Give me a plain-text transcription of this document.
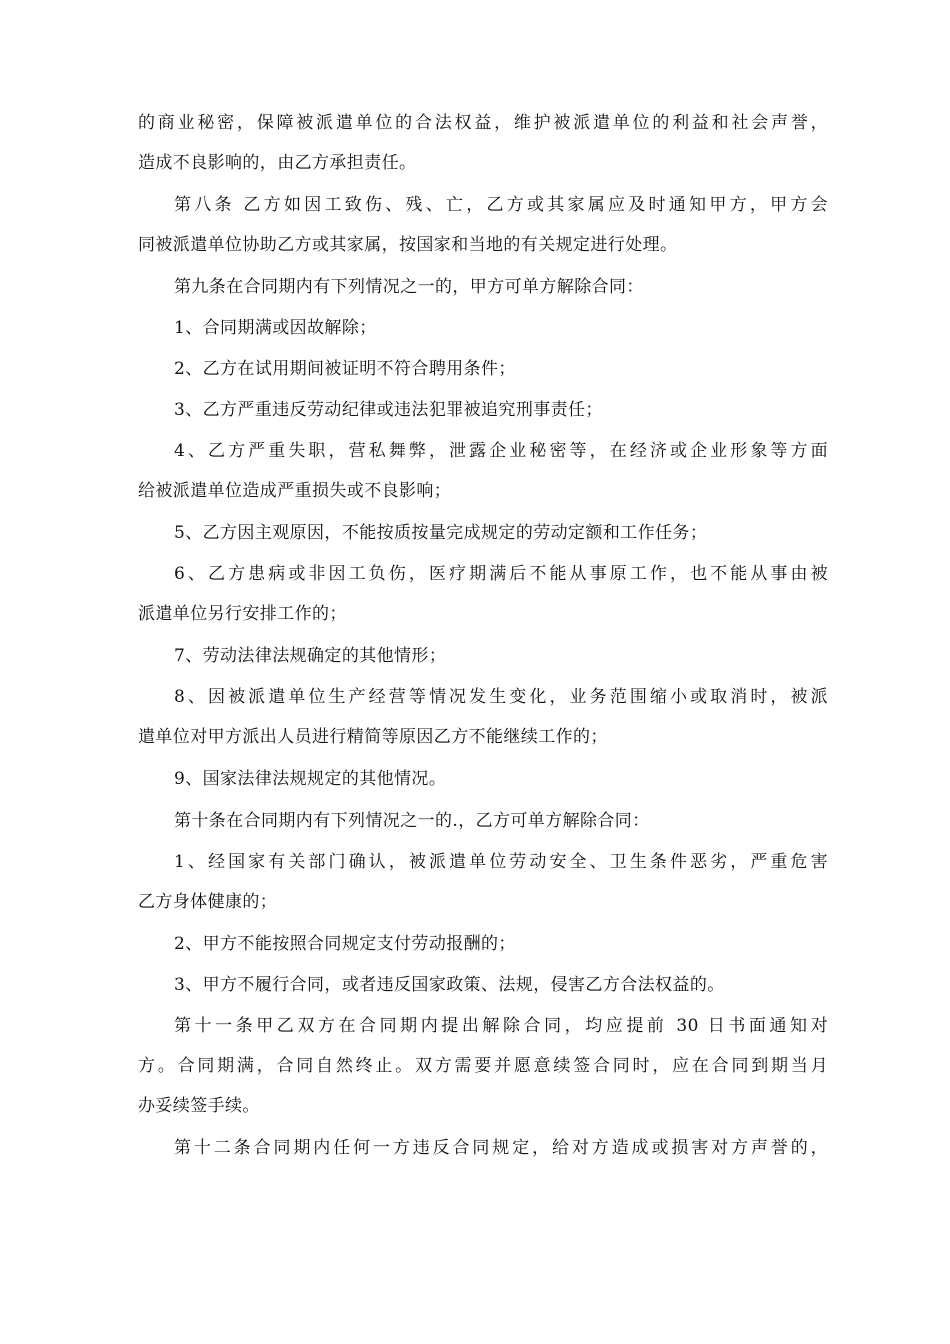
的商业秘密，保障被派遣单位的合法权益，维护被派遣单位的利益和社会声誉，
造成不良影响的，由乙方承担责任。
第八条 乙方如因工致伤、残、亡，乙方或其家属应及时通知甲方，甲方会
同被派遣单位协助乙方或其家属，按国家和当地的有关规定进行处理。
第九条在合同期内有下列情况之一的，甲方可单方解除合同：
1、合同期满或因故解除；
2、乙方在试用期间被证明不符合聘用条件；
3、乙方严重违反劳动纪律或违法犯罪被追究刑事责任；
4、乙方严重失职，营私舞弊，泄露企业秘密等，在经济或企业形象等方面
给被派遣单位造成严重损失或不良影响；
5、乙方因主观原因，不能按质按量完成规定的劳动定额和工作任务；
6、乙方患病或非因工负伤，医疗期满后不能从事原工作，也不能从事由被
派遣单位另行安排工作的；
7、劳动法律法规确定的其他情形；
8、因被派遣单位生产经营等情况发生变化，业务范围缩小或取消时，被派
遣单位对甲方派出人员进行精简等原因乙方不能继续工作的；
9、国家法律法规规定的其他情况。
第十条在合同期内有下列情况之一的.，乙方可单方解除合同：
1、经国家有关部门确认，被派遣单位劳动安全、卫生条件恶劣，严重危害
乙方身体健康的；
2、甲方不能按照合同规定支付劳动报酬的；
3、甲方不履行合同，或者违反国家政策、法规，侵害乙方合法权益的。
第十一条甲乙双方在合同期内提出解除合同，均应提前 30 日书面通知对
方。合同期满，合同自然终止。双方需要并愿意续签合同时，应在合同到期当月
办妥续签手续。
第十二条合同期内任何一方违反合同规定，给对方造成或损害对方声誉的，
